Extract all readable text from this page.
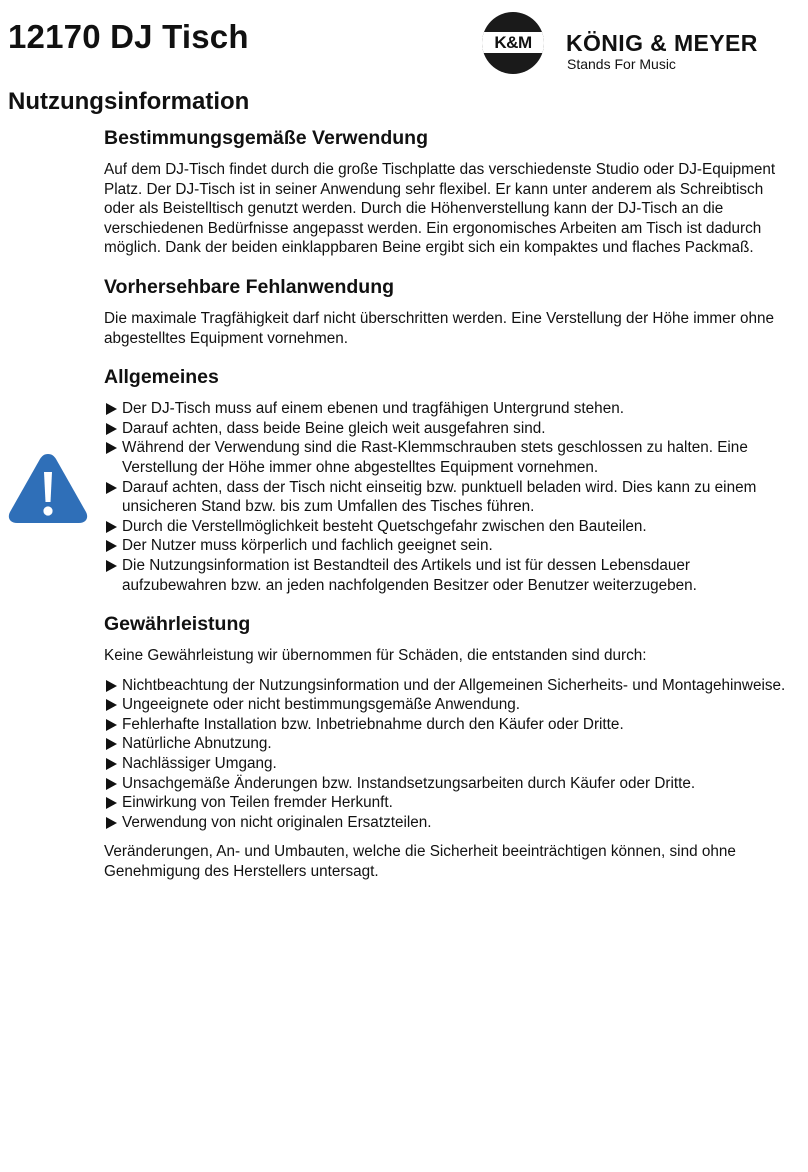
12170 DJ Tisch	K&M	KÖNIG & MEYER
Stands For Music
Nutzungsinformation
Bestimmungsgemäße Verwendung

Auf dem DJ-Tisch findet durch die große Tischplatte das verschiedenste Studio oder DJ-Equipment Platz. Der DJ-Tisch ist in seiner Anwendung sehr flexibel. Er kann unter anderem als Schreibtisch oder als Beistelltisch genutzt werden. Durch die Höhenverstellung kann der DJ-Tisch an die verschiedenen Bedürfnisse angepasst werden. Ein ergonomisches Arbeiten am Tisch ist dadurch möglich. Dank der beiden einklappbaren Beine ergibt sich ein kompaktes und flaches Packmaß.

Vorhersehbare Fehlanwendung

Die maximale Tragfähigkeit darf nicht überschritten werden. Eine Verstellung der Höhe immer ohne abgestelltes Equipment vornehmen.

Allgemeines
Der DJ-Tisch muss auf einem ebenen und tragfähigen Untergrund stehen.
Darauf achten, dass beide Beine gleich weit ausgefahren sind.
Während der Verwendung sind die Rast-Klemmschrauben stets geschlossen zu halten. Eine Verstellung der Höhe immer ohne abgestelltes Equipment vornehmen.
Darauf achten, dass der Tisch nicht einseitig bzw. punktuell beladen wird. Dies kann zu einem unsicheren Stand bzw. bis zum Umfallen des Tisches führen.
Durch die Verstellmöglichkeit besteht Quetschgefahr zwischen den Bauteilen.
Der Nutzer muss körperlich und fachlich geeignet sein.
Die Nutzungsinformation ist Bestandteil des Artikels und ist für dessen Lebensdauer aufzubewahren bzw. an jeden nachfolgenden Besitzer oder Benutzer weiterzugeben.
Gewährleistung

Keine Gewährleistung wir übernommen für Schäden, die entstanden sind durch:

Nichtbeachtung der Nutzungsinformation und der Allgemeinen Sicherheits- und Montagehinweise.
Ungeeignete oder nicht bestimmungsgemäße Anwendung.
Fehlerhafte Installation bzw. Inbetriebnahme durch den Käufer oder Dritte.
Natürliche Abnutzung.
Nachlässiger Umgang.
Unsachgemäße Änderungen bzw. Instandsetzungsarbeiten durch Käufer oder Dritte.
Einwirkung von Teilen fremder Herkunft.
Verwendung von nicht originalen Ersatzteilen.

Veränderungen, An- und Umbauten, welche die Sicherheit beeinträchtigen können, sind ohne Genehmigung des Herstellers untersagt.
